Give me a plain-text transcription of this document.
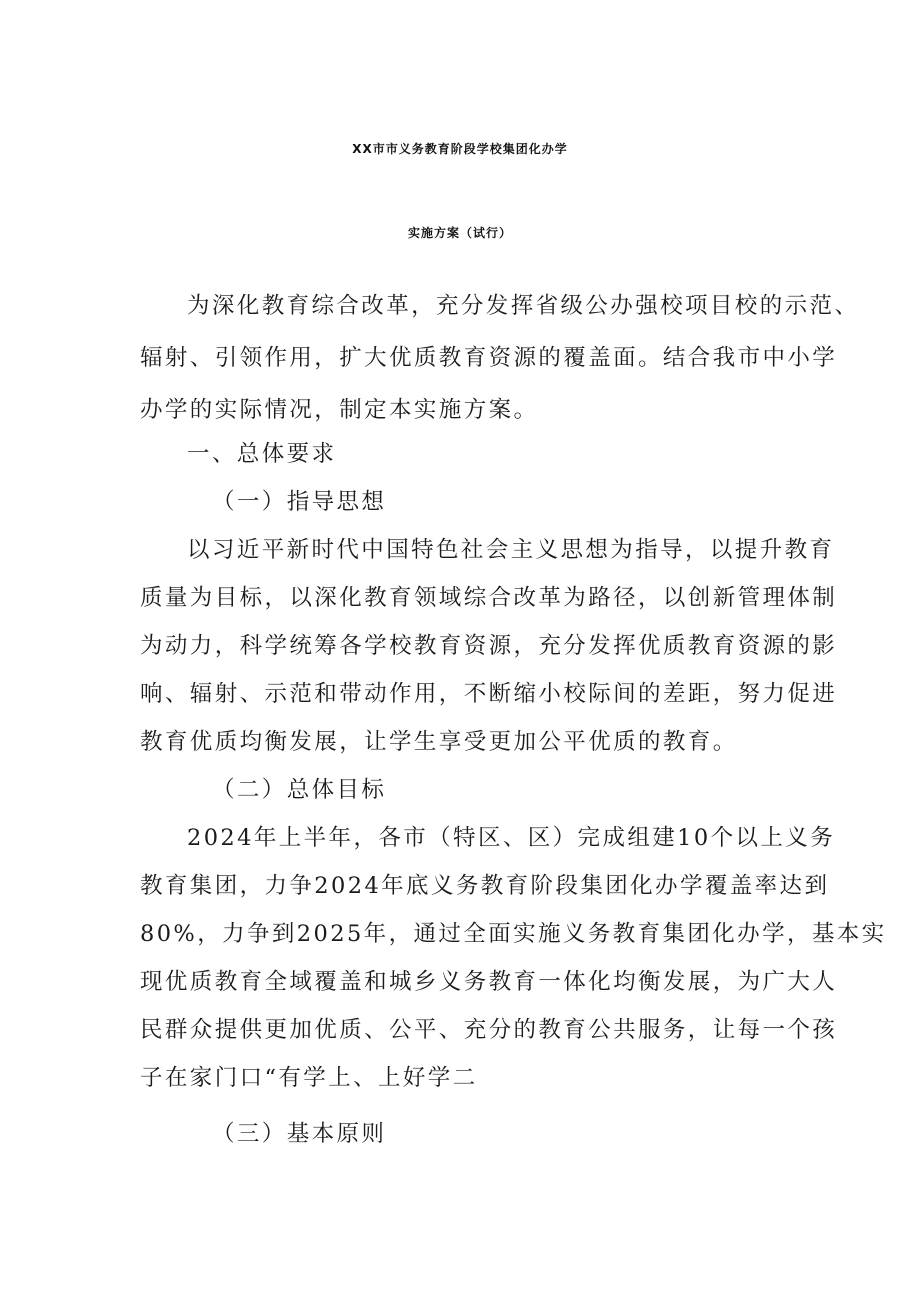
XX市市义务教育阶段学校集团化办学
实施方案（试行）
为深化教育综合改革，充分发挥省级公办强校项目校的示范、
辐射、引领作用，扩大优质教育资源的覆盖面。结合我市中小学
办学的实际情况，制定本实施方案。
一、总体要求
（一）指导思想
以习近平新时代中国特色社会主义思想为指导，以提升教育
质量为目标，以深化教育领域综合改革为路径，以创新管理体制
为动力，科学统筹各学校教育资源，充分发挥优质教育资源的影
响、辐射、示范和带动作用，不断缩小校际间的差距，努力促进
教育优质均衡发展，让学生享受更加公平优质的教育。
（二）总体目标
2024年上半年，各市（特区、区）完成组建10个以上义务
教育集团，力争2024年底义务教育阶段集团化办学覆盖率达到
80%，力争到2025年，通过全面实施义务教育集团化办学，基本实
现优质教育全域覆盖和城乡义务教育一体化均衡发展，为广大人
民群众提供更加优质、公平、充分的教育公共服务，让每一个孩
子在家门口“有学上、上好学二
（三）基本原则
